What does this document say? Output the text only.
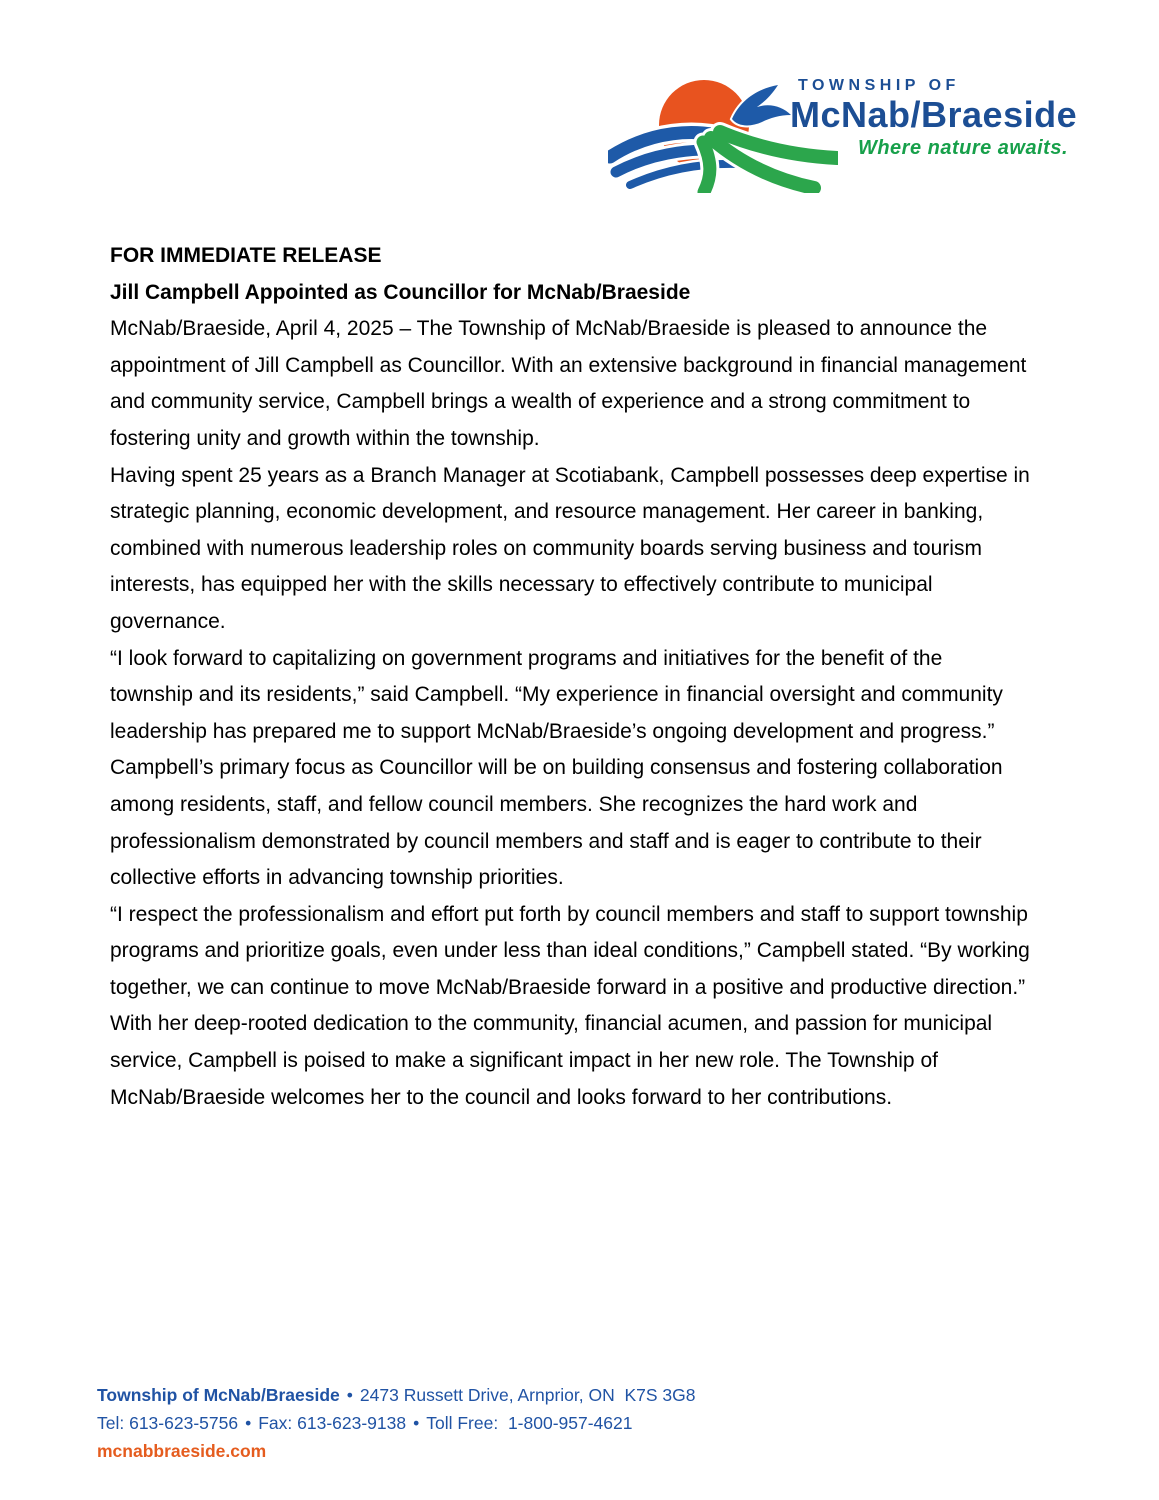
TOWNSHIP OF
McNab/Braeside
Where nature awaits.

FOR IMMEDIATE RELEASE

Jill Campbell Appointed as Councillor for McNab/Braeside

McNab/Braeside, April 4, 2025 – The Township of McNab/Braeside is pleased to announce the appointment of Jill Campbell as Councillor. With an extensive background in financial management and community service, Campbell brings a wealth of experience and a strong commitment to fostering unity and growth within the township.

Having spent 25 years as a Branch Manager at Scotiabank, Campbell possesses deep expertise in strategic planning, economic development, and resource management. Her career in banking, combined with numerous leadership roles on community boards serving business and tourism interests, has equipped her with the skills necessary to effectively contribute to municipal governance.

“I look forward to capitalizing on government programs and initiatives for the benefit of the township and its residents,” said Campbell. “My experience in financial oversight and community leadership has prepared me to support McNab/Braeside’s ongoing development and progress.”

Campbell’s primary focus as Councillor will be on building consensus and fostering collaboration among residents, staff, and fellow council members. She recognizes the hard work and professionalism demonstrated by council members and staff and is eager to contribute to their collective efforts in advancing township priorities.

“I respect the professionalism and effort put forth by council members and staff to support township programs and prioritize goals, even under less than ideal conditions,” Campbell stated. “By working together, we can continue to move McNab/Braeside forward in a positive and productive direction.”

With her deep-rooted dedication to the community, financial acumen, and passion for municipal service, Campbell is poised to make a significant impact in her new role. The Township of McNab/Braeside welcomes her to the council and looks forward to her contributions.

Township of McNab/Braeside • 2473 Russett Drive, Arnprior, ON  K7S 3G8
Tel: 613-623-5756 • Fax: 613-623-9138 • Toll Free:  1-800-957-4621
mcnabbraeside.com
